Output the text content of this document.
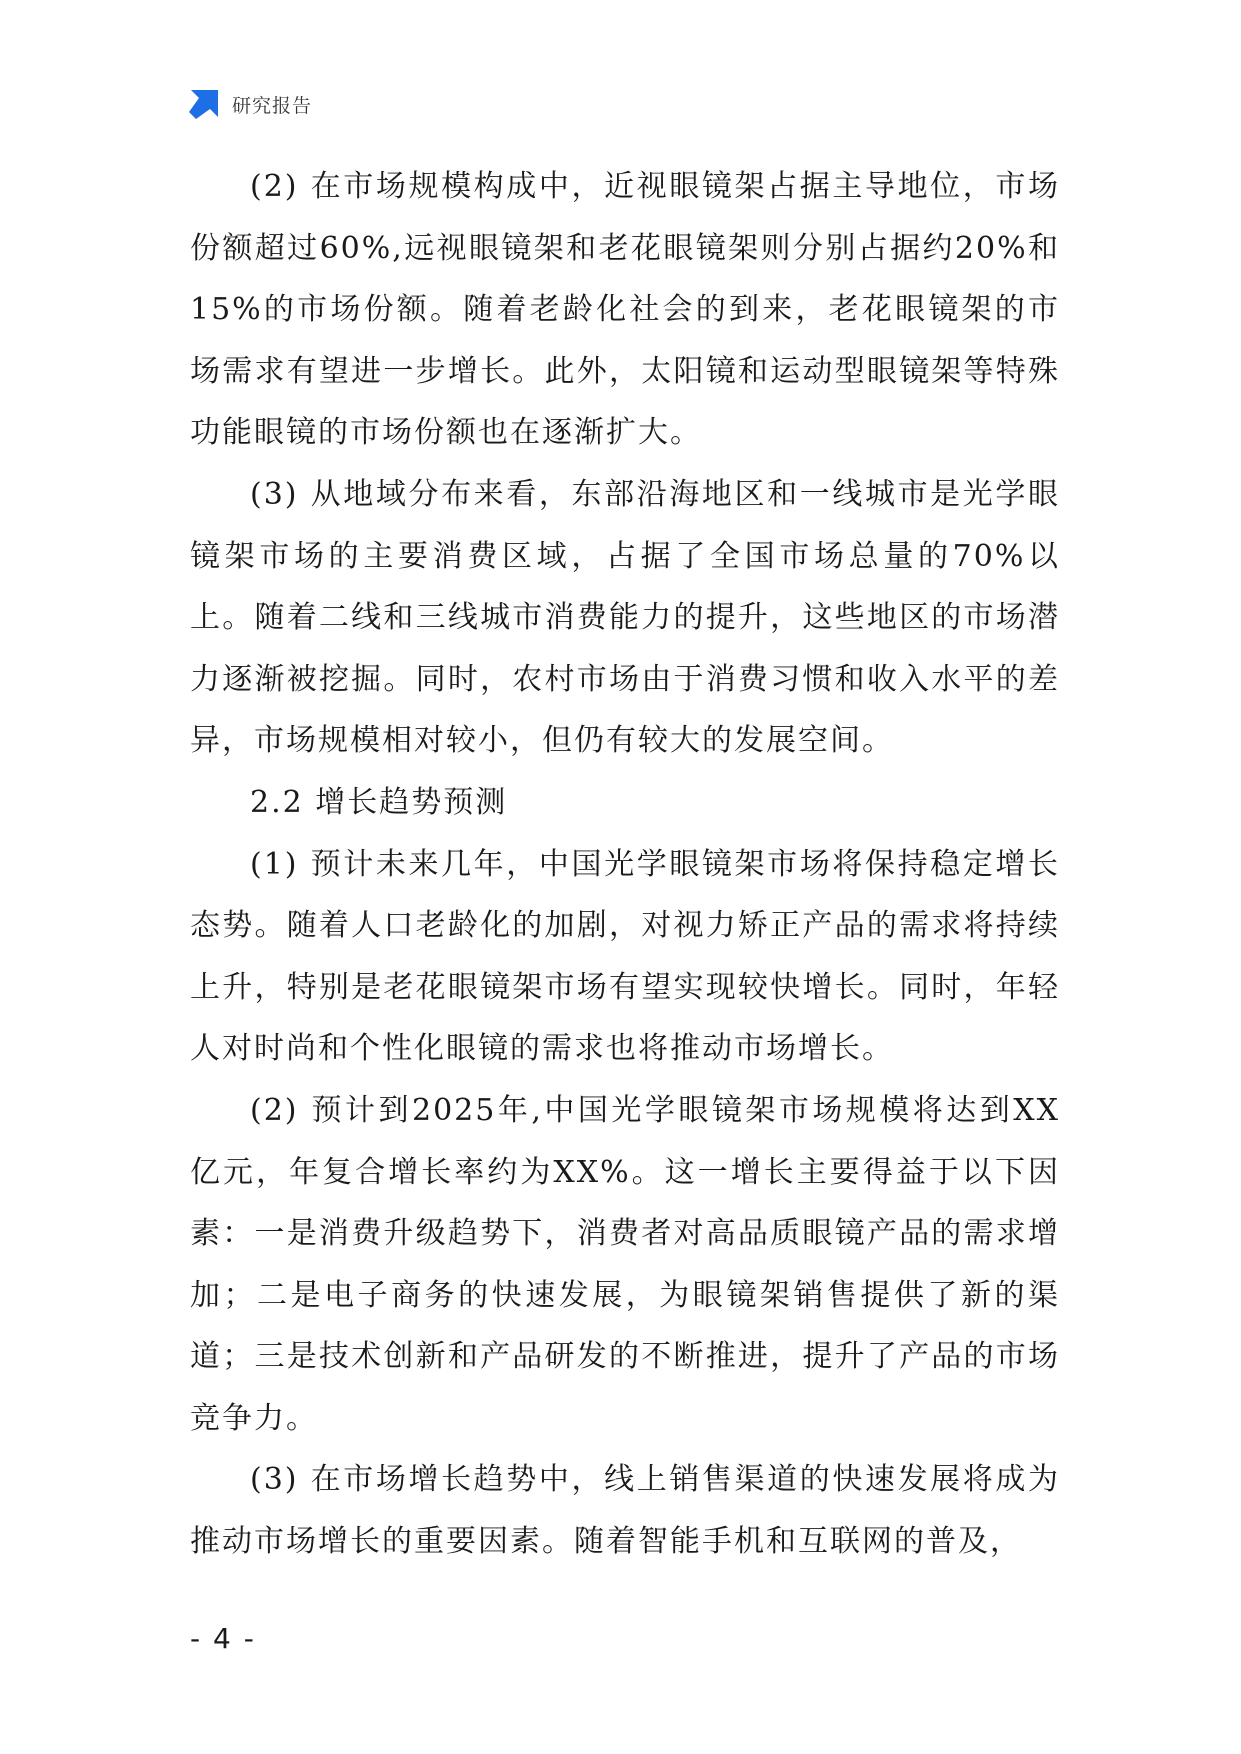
研究报告

(2) 在市场规模构成中，近视眼镜架占据主导地位，市场份额超过60%,远视眼镜架和老花眼镜架则分别占据约20%和15%的市场份额。随着老龄化社会的到来，老花眼镜架的市场需求有望进一步增长。此外，太阳镜和运动型眼镜架等特殊功能眼镜的市场份额也在逐渐扩大。

(3) 从地域分布来看，东部沿海地区和一线城市是光学眼镜架市场的主要消费区域，占据了全国市场总量的70%以上。随着二线和三线城市消费能力的提升，这些地区的市场潜力逐渐被挖掘。同时，农村市场由于消费习惯和收入水平的差异，市场规模相对较小，但仍有较大的发展空间。

2.2 增长趋势预测

(1) 预计未来几年，中国光学眼镜架市场将保持稳定增长态势。随着人口老龄化的加剧，对视力矫正产品的需求将持续上升，特别是老花眼镜架市场有望实现较快增长。同时，年轻人对时尚和个性化眼镜的需求也将推动市场增长。

(2) 预计到2025年,中国光学眼镜架市场规模将达到XX亿元，年复合增长率约为XX%。这一增长主要得益于以下因素：一是消费升级趋势下，消费者对高品质眼镜产品的需求增加；二是电子商务的快速发展，为眼镜架销售提供了新的渠道；三是技术创新和产品研发的不断推进，提升了产品的市场竞争力。

(3) 在市场增长趋势中，线上销售渠道的快速发展将成为推动市场增长的重要因素。随着智能手机和互联网的普及，

- 4 -
